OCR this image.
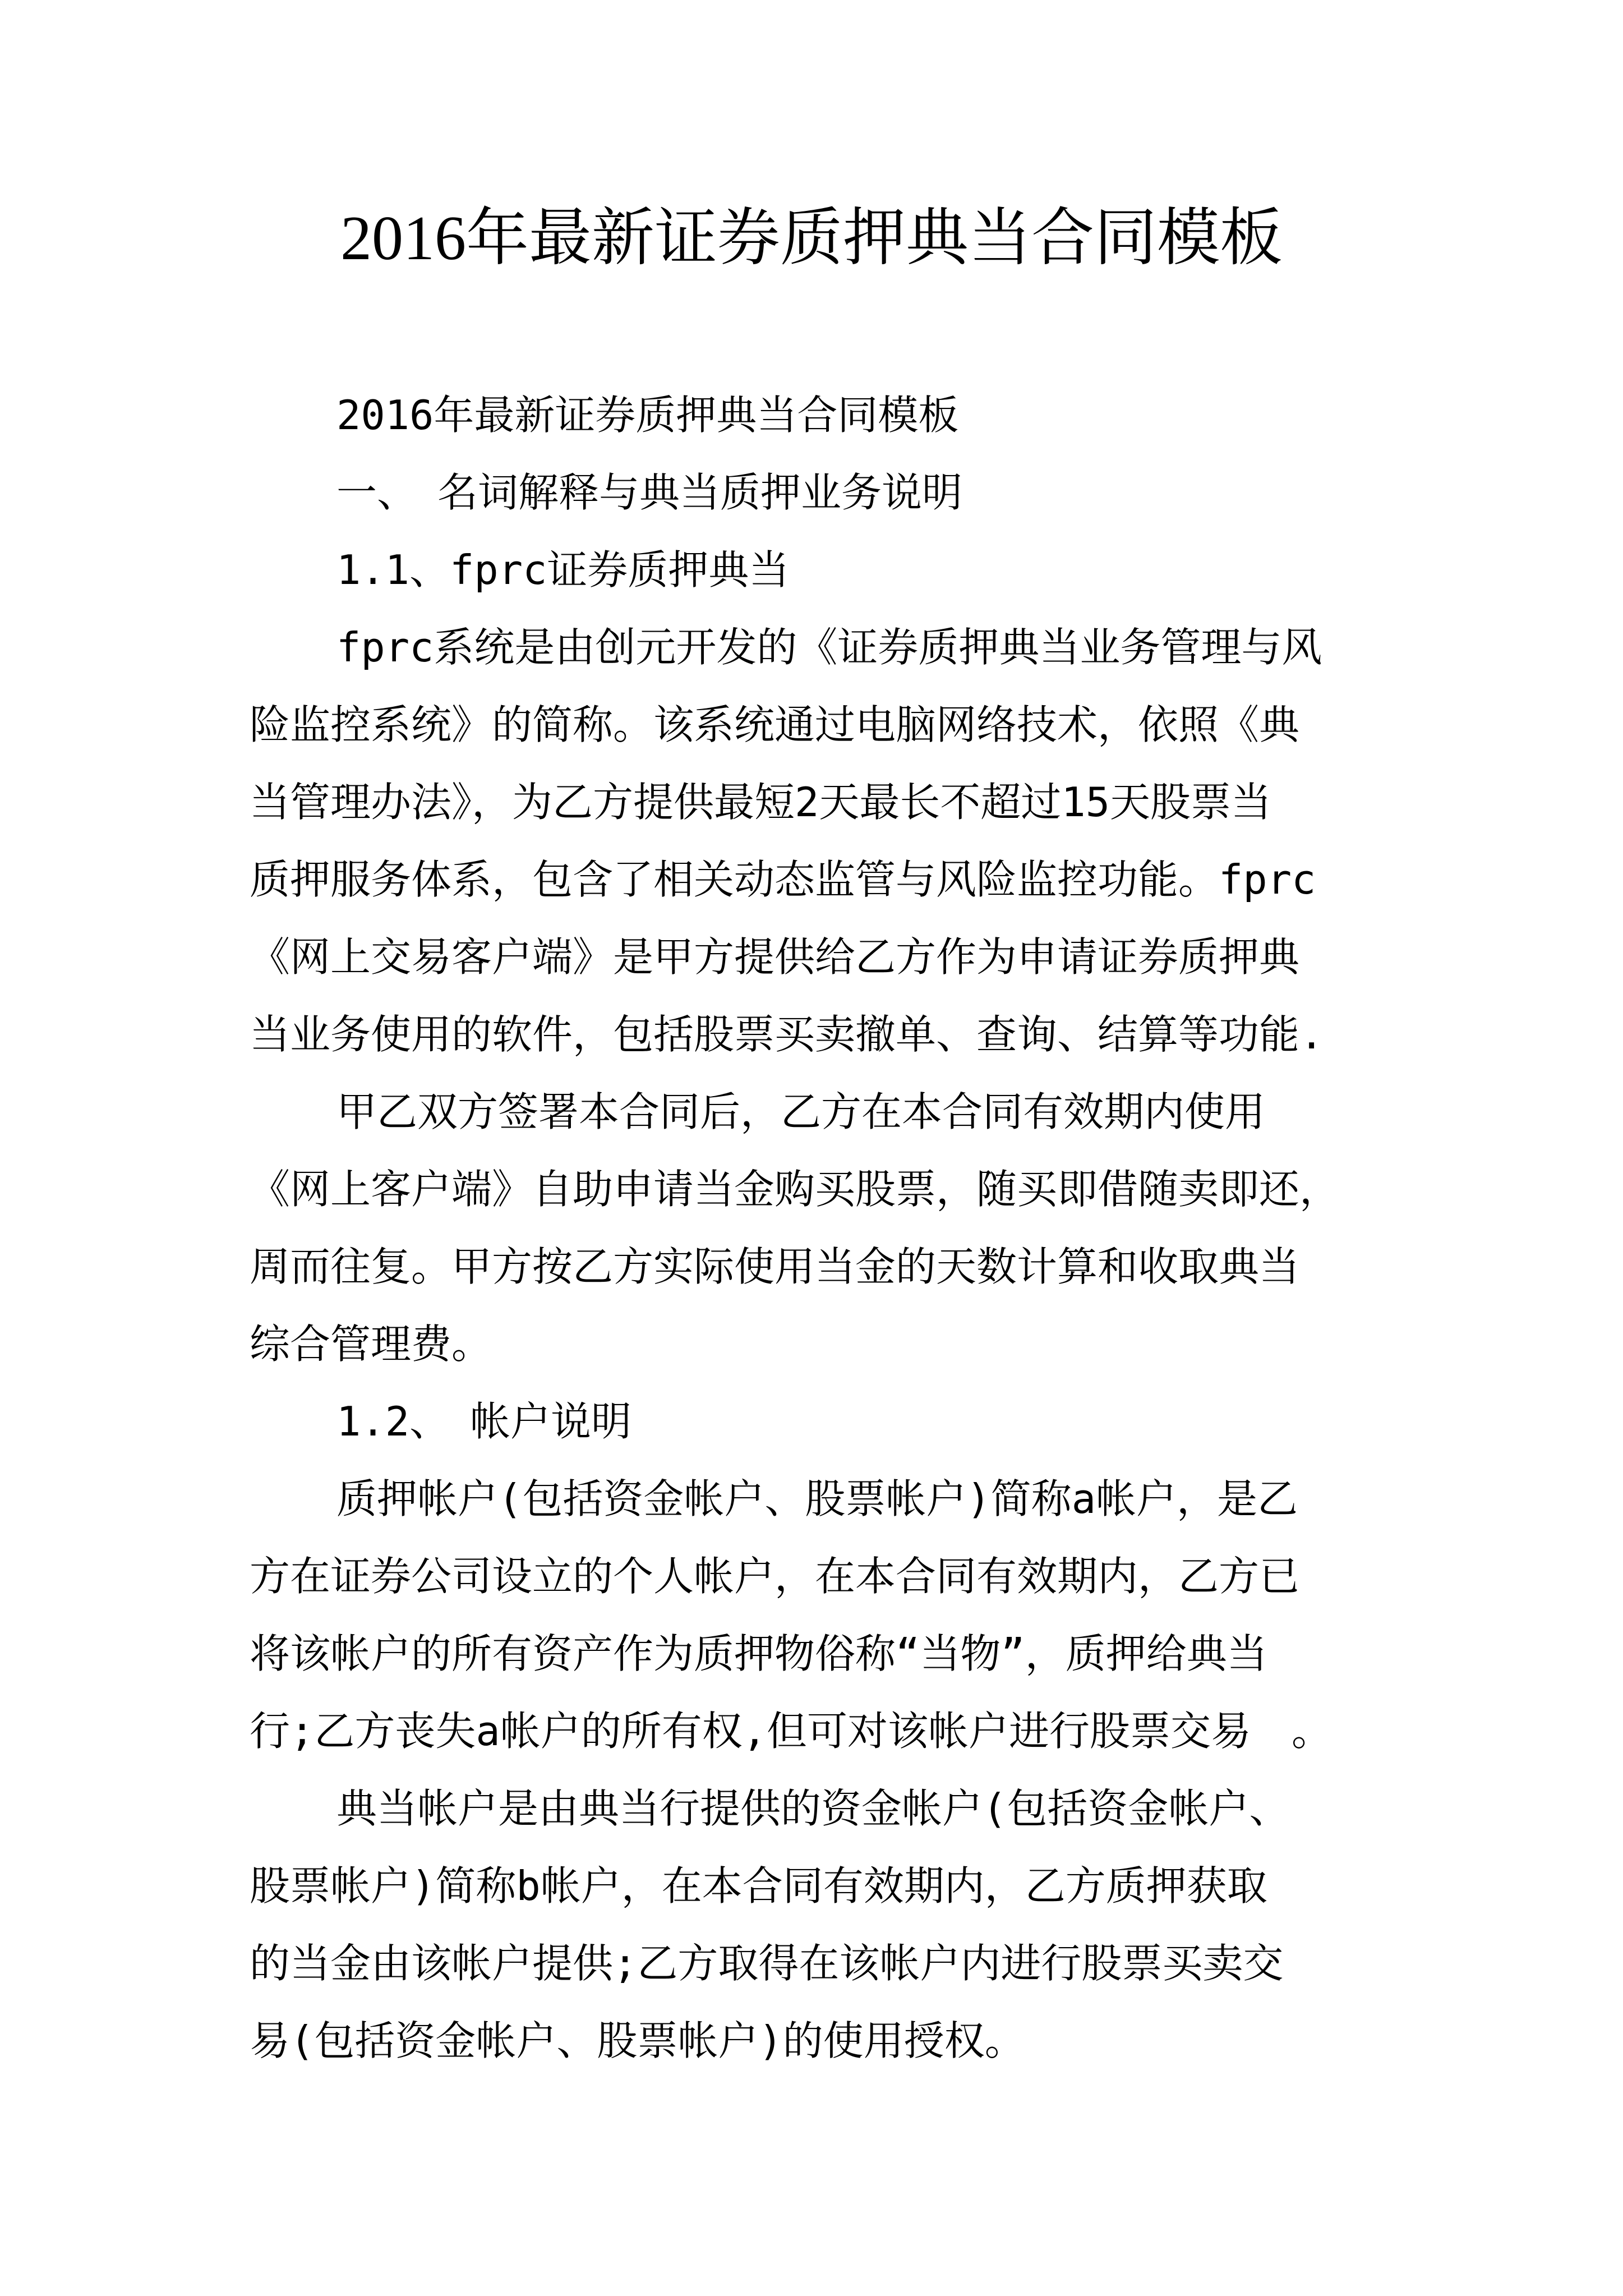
2016年最新证券质押典当合同模板
2016年最新证券质押典当合同模板
一、　名词解释与典当质押业务说明
1.1、fprc证券质押典当
fprc系统是由创元开发的《证券质押典当业务管理与风
险监控系统》的简称。该系统通过电脑网络技术，依照《典
当管理办法》，为乙方提供最短2天最长不超过15天股票当
质押服务体系，包含了相关动态监管与风险监控功能。fprc
《网上交易客户端》是甲方提供给乙方作为申请证券质押典
当业务使用的软件，包括股票买卖撤单、查询、结算等功能.
甲乙双方签署本合同后，乙方在本合同有效期内使用
《网上客户端》自助申请当金购买股票，随买即借随卖即还，
周而往复。甲方按乙方实际使用当金的天数计算和收取典当
综合管理费。
1.2、　帐户说明
质押帐户(包括资金帐户、股票帐户)简称a帐户，是乙
方在证券公司设立的个人帐户，在本合同有效期内，乙方已
将该帐户的所有资产作为质押物俗称“当物”，质押给典当
行;乙方丧失a帐户的所有权,但可对该帐户进行股票交易　。
典当帐户是由典当行提供的资金帐户(包括资金帐户、
股票帐户)简称b帐户，在本合同有效期内，乙方质押获取
的当金由该帐户提供;乙方取得在该帐户内进行股票买卖交
易(包括资金帐户、股票帐户)的使用授权。
